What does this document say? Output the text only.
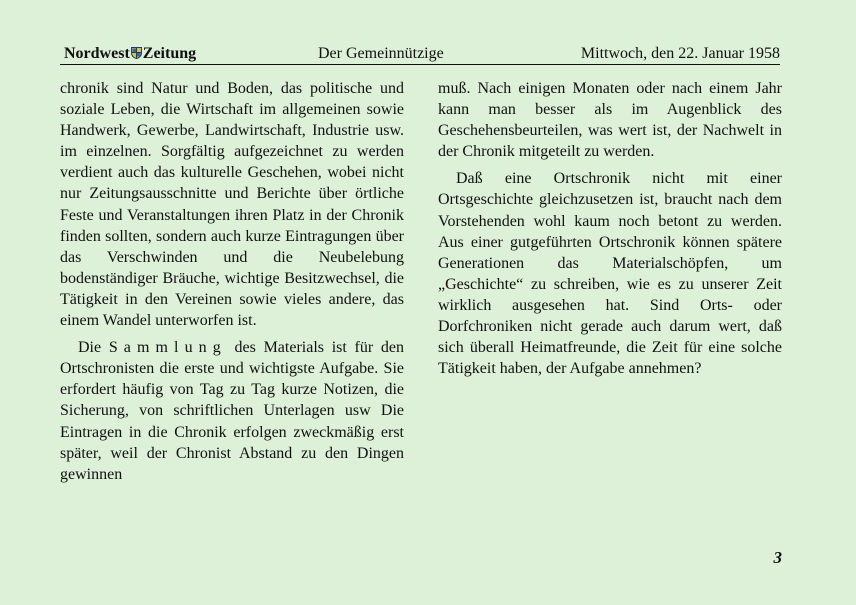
Nordwest Zeitung	Der Gemeinnützige	Mittwoch, den 22. Januar 1958

chronik sind Natur und Boden, das politische und soziale Leben, die Wirtschaft im allgemeinen sowie Handwerk, Gewerbe, Landwirtschaft, Industrie usw. im einzelnen. Sorgfältig aufgezeichnet zu werden verdient auch das kulturelle Geschehen, wobei nicht nur Zeitungsausschnitte und Berichte über örtliche Feste und Veranstaltungen ihren Platz in der Chronik finden sollten, sondern auch kurze Eintragungen über das Verschwinden und die Neubelebung bodenständiger Bräuche, wichtige Besitzwechsel, die Tätigkeit in den Vereinen sowie vieles andere, das einem Wandel unterworfen ist.

Die Sammlung des Materials ist für den Ortschronisten die erste und wichtigste Aufgabe. Sie erfordert häufig von Tag zu Tag kurze Notizen, die Sicherung, von schriftlichen Unterlagen usw Die Eintragen in die Chronik erfolgen zweckmäßig erst später, weil der Chronist Abstand zu den Dingen gewinnen

muß. Nach einigen Monaten oder nach einem Jahr kann man besser als im Augenblick des Geschehensbeurteilen, was wert ist, der Nachwelt in der Chronik mitgeteilt zu werden.

Daß eine Ortschronik nicht mit einer Ortsgeschichte gleichzusetzen ist, braucht nach dem Vorstehenden wohl kaum noch betont zu werden. Aus einer gutgeführten Ortschronik können spätere Generationen das Materialschöpfen, um „Geschichte“ zu schreiben, wie es zu unserer Zeit wirklich ausgesehen hat. Sind Orts- oder Dorfchroniken nicht gerade auch darum wert, daß sich überall Heimatfreunde, die Zeit für eine solche Tätigkeit haben, der Aufgabe annehmen?

3
